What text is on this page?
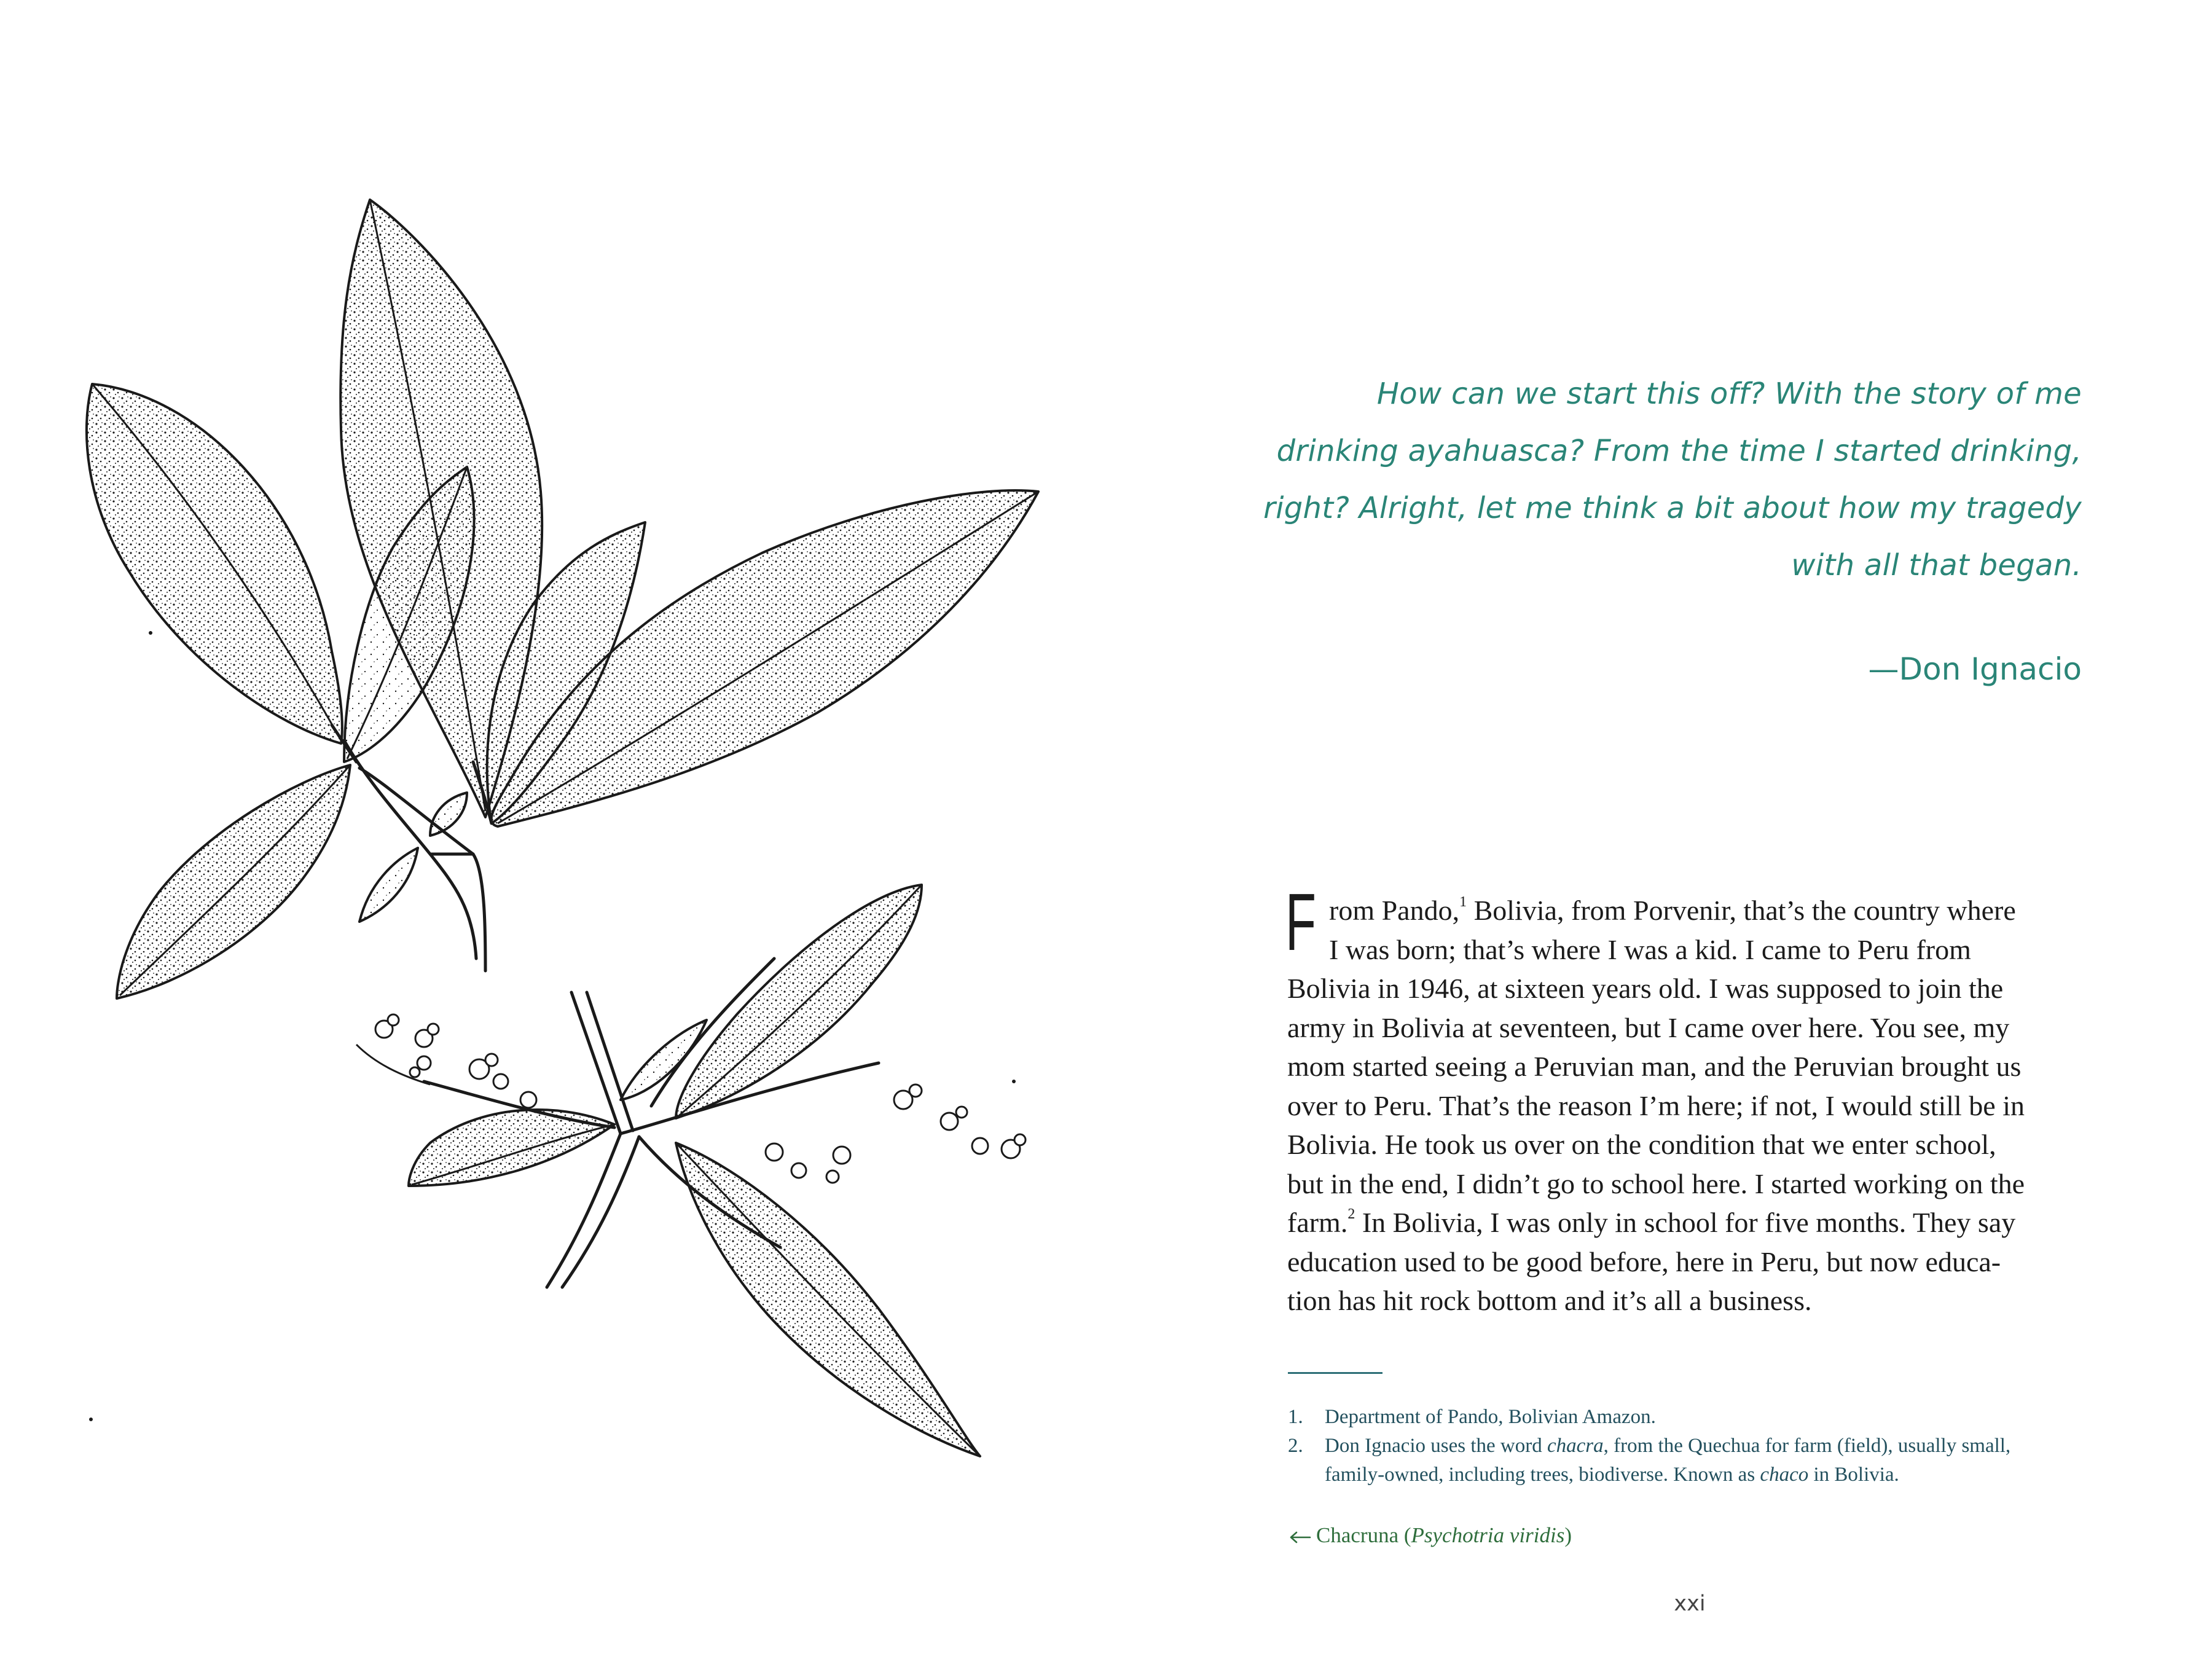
How can we start this off? With the story of me
drinking ayahuasca? From the time I started drinking,
right? Alright, let me think a bit about how my tragedy
with all that began.
—Don Ignacio
F rom Pando,$^1$ Bolivia, from Porvenir, that’s the country where
I was born; that’s where I was a kid. I came to Peru from
Bolivia in 1946, at sixteen years old. I was supposed to join the
army in Bolivia at seventeen, but I came over here. You see, my
mom started seeing a Peruvian man, and the Peruvian brought us
over to Peru. That’s the reason I’m here; if not, I would still be in
Bolivia. He took us over on the condition that we enter school,
but in the end, I didn’t go to school here. I started working on the
farm.$^2$ In Bolivia, I was only in school for five months. They say
education used to be good before, here in Peru, but now educa-
tion has hit rock bottom and it’s all a business.
1. Department of Pando, Bolivian Amazon.
2. Don Ignacio uses the word chacra, from the Quechua for farm (field), usually small,
family-owned, including trees, biodiverse. Known as chaco in Bolivia.
Chacruna (Psychotria viridis)
xxi
